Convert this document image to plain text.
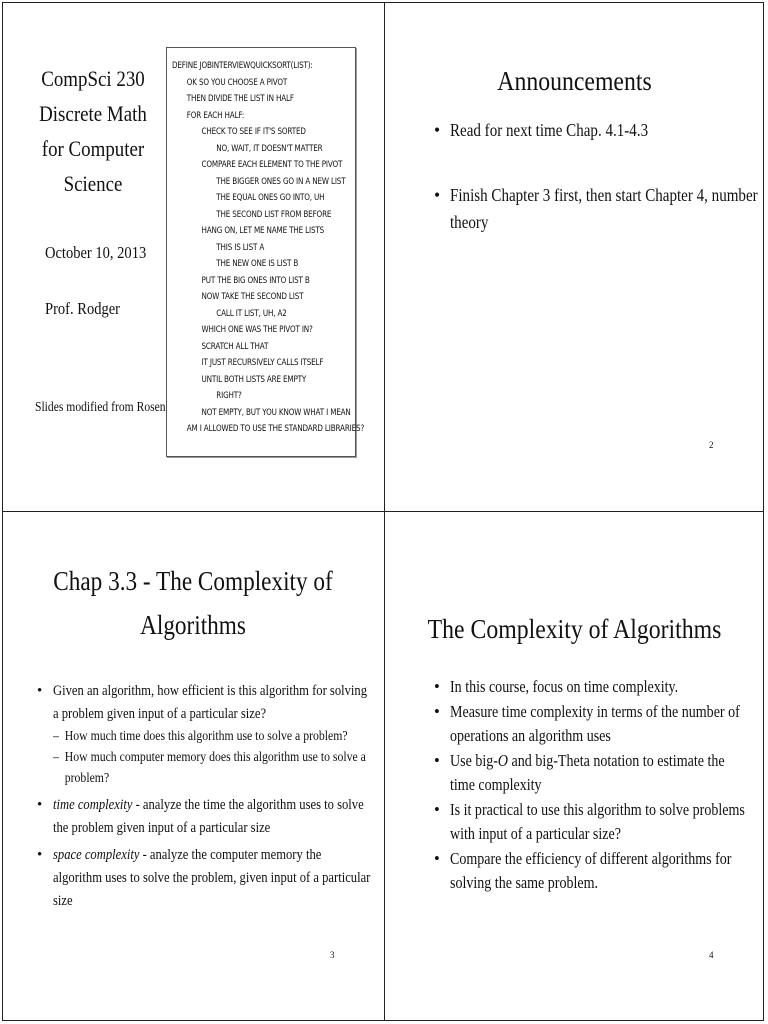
CompSci 230
Discrete Math
for Computer
Science
October 10, 2013
Prof. Rodger
Slides modified from Rosen
DEFINE JOBINTERVIEWQUICKSORT(LIST):
OK SO YOU CHOOSE A PIVOT
THEN DIVIDE THE LIST IN HALF
FOR EACH HALF:
CHECK TO SEE IF IT'S SORTED
NO, WAIT, IT DOESN'T MATTER
COMPARE EACH ELEMENT TO THE PIVOT
THE BIGGER ONES GO IN A NEW LIST
THE EQUAL ONES GO INTO, UH
THE SECOND LIST FROM BEFORE
HANG ON, LET ME NAME THE LISTS
THIS IS LIST A
THE NEW ONE IS LIST B
PUT THE BIG ONES INTO LIST B
NOW TAKE THE SECOND LIST
CALL IT LIST, UH, A2
WHICH ONE WAS THE PIVOT IN?
SCRATCH ALL THAT
IT JUST RECURSIVELY CALLS ITSELF
UNTIL BOTH LISTS ARE EMPTY
RIGHT?
NOT EMPTY, BUT YOU KNOW WHAT I MEAN
AM I ALLOWED TO USE THE STANDARD LIBRARIES?
Announcements
• Read for next time Chap. 4.1-4.3
• Finish Chapter 3 first, then start Chapter 4, number theory
2
Chap 3.3 - The Complexity of
Algorithms
• Given an algorithm, how efficient is this algorithm for solving a problem given input of a particular size?
– How much time does this algorithm use to solve a problem?
– How much computer memory does this algorithm use to solve a problem?
• time complexity - analyze the time the algorithm uses to solve the problem given input of a particular size
• space complexity - analyze the computer memory the algorithm uses to solve the problem, given input of a particular size
3
The Complexity of Algorithms
• In this course, focus on time complexity.
• Measure time complexity in terms of the number of operations an algorithm uses
• Use big-O and big-Theta notation to estimate the time complexity
• Is it practical to use this algorithm to solve problems with input of a particular size?
• Compare the efficiency of different algorithms for solving the same problem.
4
